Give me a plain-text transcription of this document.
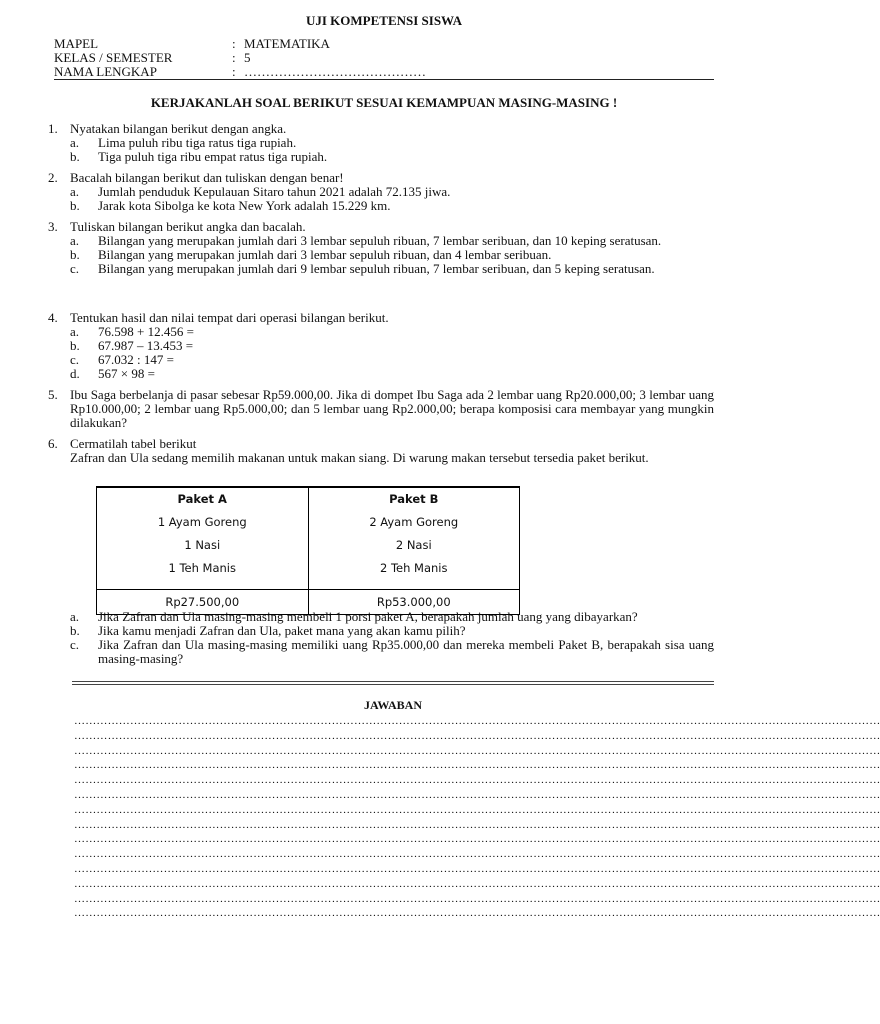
UJI KOMPETENSI SISWA
MAPEL	: MATEMATIKA
KELAS / SEMESTER	: 5
NAMA LENGKAP	: ……………………………………
KERJAKANLAH SOAL BERIKUT SESUAI KEMAMPUAN MASING-MASING !
1. Nyatakan bilangan berikut dengan angka.
a. Lima puluh ribu tiga ratus tiga rupiah.
b. Tiga puluh tiga ribu empat ratus tiga rupiah.
2. Bacalah bilangan berikut dan tuliskan dengan benar!
a. Jumlah penduduk Kepulauan Sitaro tahun 2021 adalah 72.135 jiwa.
b. Jarak kota Sibolga ke kota New York adalah 15.229 km.
3. Tuliskan bilangan berikut angka dan bacalah.
a. Bilangan yang merupakan jumlah dari 3 lembar sepuluh ribuan, 7 lembar seribuan, dan 10 keping seratusan.
b. Bilangan yang merupakan jumlah dari 3 lembar sepuluh ribuan, dan 4 lembar seribuan.
c. Bilangan yang merupakan jumlah dari 9 lembar sepuluh ribuan, 7 lembar seribuan, dan 5 keping seratusan.
4. Tentukan hasil dan nilai tempat dari operasi bilangan berikut.
a. 76.598 + 12.456 =
b. 67.987 – 13.453 =
c. 67.032 : 147 =
d. 567 × 98 =
5. Ibu Saga berbelanja di pasar sebesar Rp59.000,00. Jika di dompet Ibu Saga ada 2 lembar uang Rp20.000,00; 3 lembar uang Rp10.000,00; 2 lembar uang Rp5.000,00; dan 5 lembar uang Rp2.000,00; berapa komposisi cara membayar yang mungkin dilakukan?
6. Cermatilah tabel berikut
Zafran dan Ula sedang memilih makanan untuk makan siang. Di warung makan tersebut tersedia paket berikut.
Paket A	Paket B
1 Ayam Goreng	2 Ayam Goreng
1 Nasi	2 Nasi
1 Teh Manis	2 Teh Manis

Rp27.500,00	Rp53.000,00
a. Jika Zafran dan Ula masing-masing membeli 1 porsi paket A, berapakah jumlah uang yang dibayarkan?
b. Jika kamu menjadi Zafran dan Ula, paket mana yang akan kamu pilih?
c. Jika Zafran dan Ula masing-masing memiliki uang Rp35.000,00 dan mereka membeli Paket B, berapakah sisa uang masing-masing?
JAWABAN
………………………………………………………………………………………………………………………………………………………………………………………………
………………………………………………………………………………………………………………………………………………………………………………………………
………………………………………………………………………………………………………………………………………………………………………………………………
………………………………………………………………………………………………………………………………………………………………………………………………
………………………………………………………………………………………………………………………………………………………………………………………………
………………………………………………………………………………………………………………………………………………………………………………………………
………………………………………………………………………………………………………………………………………………………………………………………………
………………………………………………………………………………………………………………………………………………………………………………………………
………………………………………………………………………………………………………………………………………………………………………………………………
………………………………………………………………………………………………………………………………………………………………………………………………
………………………………………………………………………………………………………………………………………………………………………………………………
………………………………………………………………………………………………………………………………………………………………………………………………
………………………………………………………………………………………………………………………………………………………………………………………………
………………………………………………………………………………………………………………………………………………………………………………………………
